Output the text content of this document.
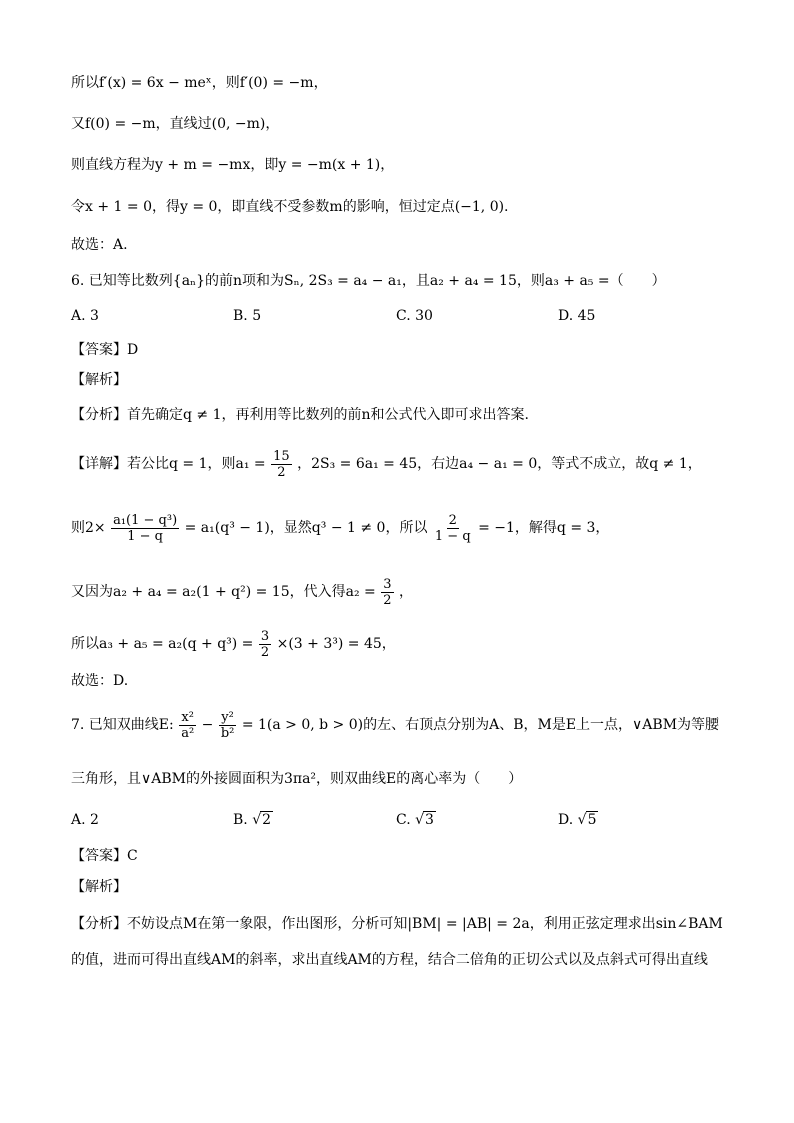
所以f′(x) = 6x − meˣ，则f′(0) = −m，
又f(0) = −m，直线过(0, −m)，
则直线方程为y + m = −mx，即y = −m(x + 1)，
令x + 1 = 0，得y = 0，即直线不受参数m的影响，恒过定点(−1, 0).
故选：A.
6. 已知等比数列{aₙ}的前n项和为Sₙ, 2S₃ = a₄ − a₁，且a₂ + a₄ = 15，则a₃ + a₅ =（　　）
A. 3	B. 5	C. 30	D. 45
【答案】D
【解析】
【分析】首先确定q ≠ 1，再利用等比数列的前n和公式代入即可求出答案.
【详解】若公比q = 1，则$a_1 = \frac{15}{2}$ ，2S₃ = 6a₁ = 45，右边a₄ − a₁ = 0，等式不成立，故q ≠ 1，
则$2\times \frac{\text{a₁(1 − q³)}}{1 - q} = a_1(q^3 - 1)$，显然q³ − 1 ≠ 0，所以 $\frac{2}{1 - q} = -1$，解得q = 3，
又因为a₂ + a₄ = a₂(1 + q²) = 15，代入得$a_2 = \frac{3}{2}$ ，
所以$a_3 + a_5 = a_2(q + q^3) = \frac{3}{2} \times(3 + 3^3) = 45$，
故选：D.
7. 已知双曲线E: $\frac{\text{x²}}{\text{a²}} - \frac{\text{y²}}{\text{b²}} = 1(a > 0$, b > 0)的左、右顶点分别为A、B，M是E上一点，∨ABM为等腰
三角形，且∨ABM的外接圆面积为3πa²，则双曲线E的离心率为（　　）
A. 2	B. √2	C. √3	D. √5
【答案】C
【解析】
【分析】不妨设点M在第一象限，作出图形，分析可知|BM| = |AB| = 2a，利用正弦定理求出sin∠BAM
的值，进而可得出直线AM的斜率，求出直线AM的方程，结合二倍角的正切公式以及点斜式可得出直线
